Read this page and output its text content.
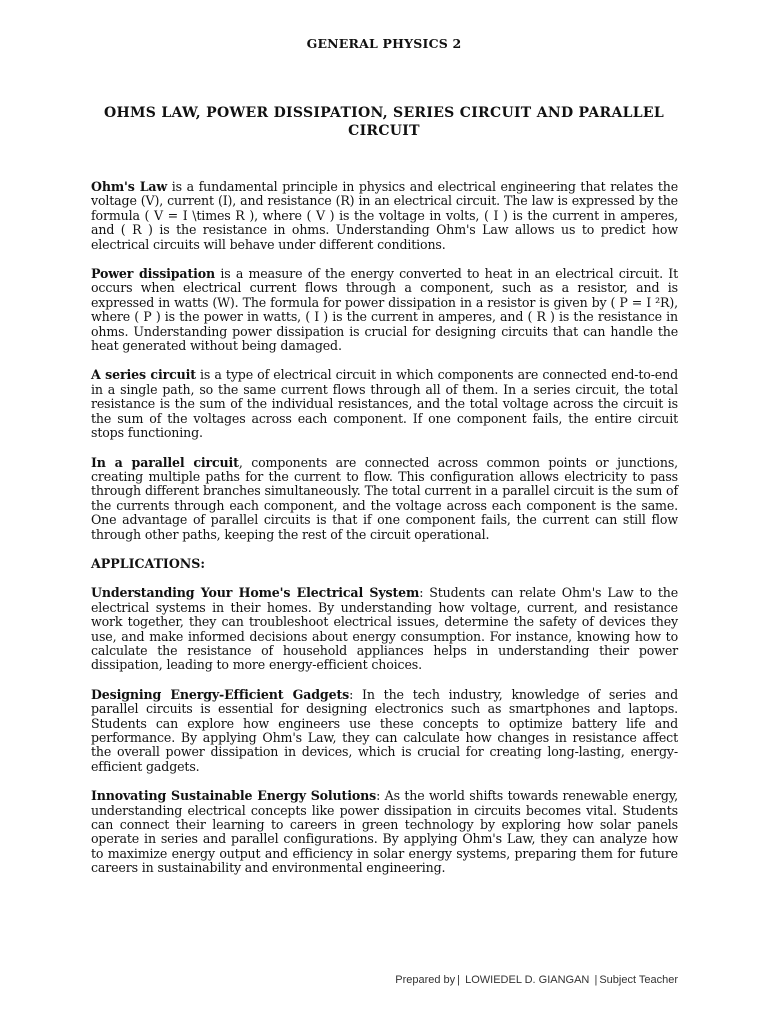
GENERAL PHYSICS 2
OHMS LAW, POWER DISSIPATION, SERIES CIRCUIT AND PARALLEL CIRCUIT

Ohm's Law is a fundamental principle in physics and electrical engineering that relates the voltage (V), current (I), and resistance (R) in an electrical circuit. The law is expressed by the formula ( V = I \times R ), where ( V ) is the voltage in volts, ( I ) is the current in amperes, and ( R ) is the resistance in ohms. Understanding Ohm's Law allows us to predict how electrical circuits will behave under different conditions.

Power dissipation is a measure of the energy converted to heat in an electrical circuit. It occurs when electrical current flows through a component, such as a resistor, and is expressed in watts (W). The formula for power dissipation in a resistor is given by ( P = I ²R), where ( P ) is the power in watts, ( I ) is the current in amperes, and ( R ) is the resistance in ohms. Understanding power dissipation is crucial for designing circuits that can handle the heat generated without being damaged.

A series circuit is a type of electrical circuit in which components are connected end-to-end in a single path, so the same current flows through all of them. In a series circuit, the total resistance is the sum of the individual resistances, and the total voltage across the circuit is the sum of the voltages across each component. If one component fails, the entire circuit stops functioning.

In a parallel circuit, components are connected across common points or junctions, creating multiple paths for the current to flow. This configuration allows electricity to pass through different branches simultaneously. The total current in a parallel circuit is the sum of the currents through each component, and the voltage across each component is the same. One advantage of parallel circuits is that if one component fails, the current can still flow through other paths, keeping the rest of the circuit operational.

APPLICATIONS:

Understanding Your Home's Electrical System: Students can relate Ohm's Law to the electrical systems in their homes. By understanding how voltage, current, and resistance work together, they can troubleshoot electrical issues, determine the safety of devices they use, and make informed decisions about energy consumption. For instance, knowing how to calculate the resistance of household appliances helps in understanding their power dissipation, leading to more energy-efficient choices.

Designing Energy-Efficient Gadgets: In the tech industry, knowledge of series and parallel circuits is essential for designing electronics such as smartphones and laptops. Students can explore how engineers use these concepts to optimize battery life and performance. By applying Ohm's Law, they can calculate how changes in resistance affect the overall power dissipation in devices, which is crucial for creating long-lasting, energy-efficient gadgets.

Innovating Sustainable Energy Solutions: As the world shifts towards renewable energy, understanding electrical concepts like power dissipation in circuits becomes vital. Students can connect their learning to careers in green technology by exploring how solar panels operate in series and parallel configurations. By applying Ohm's Law, they can analyze how to maximize energy output and efficiency in solar energy systems, preparing them for future careers in sustainability and environmental engineering.

Prepared by | LOWIEDEL D. GIANGAN | Subject Teacher
